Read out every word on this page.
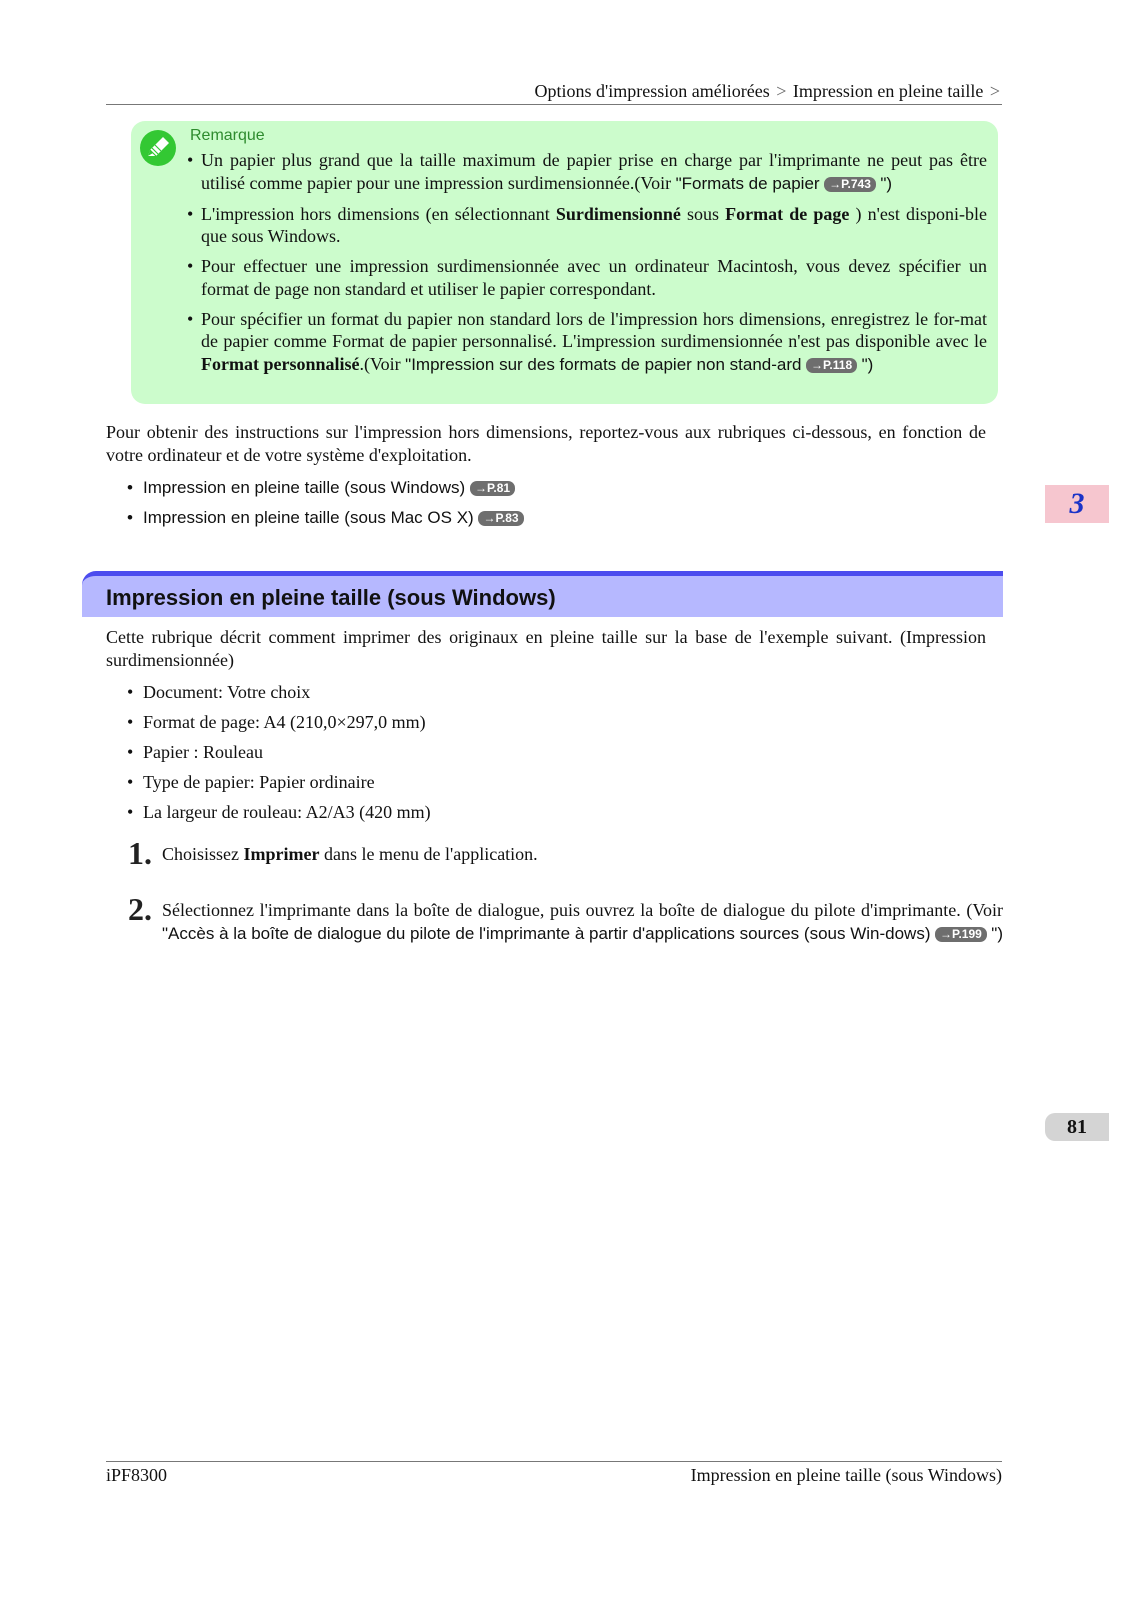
Options d'impression améliorées > Impression en pleine taille >
3
81
Remarque
• Un papier plus grand que la taille maximum de papier prise en charge par l'imprimante ne peut pas être utilisé comme papier pour une impression surdimensionnée.(Voir "Formats de papier →P.743 ")
• L'impression hors dimensions (en sélectionnant Surdimensionné sous Format de page ) n'est disponi-ble que sous Windows.
• Pour effectuer une impression surdimensionnée avec un ordinateur Macintosh, vous devez spécifier un format de page non standard et utiliser le papier correspondant.
• Pour spécifier un format du papier non standard lors de l'impression hors dimensions, enregistrez le for-mat de papier comme Format de papier personnalisé. L'impression surdimensionnée n'est pas disponible avec le Format personnalisé.(Voir "Impression sur des formats de papier non stand-ard →P.118 ")

Pour obtenir des instructions sur l'impression hors dimensions, reportez-vous aux rubriques ci-dessous, en fonction de votre ordinateur et de votre système d'exploitation.

• Impression en pleine taille (sous Windows) →P.81
• Impression en pleine taille (sous Mac OS X) →P.83
Impression en pleine taille (sous Windows)

Cette rubrique décrit comment imprimer des originaux en pleine taille sur la base de l'exemple suivant. (Impression surdimensionnée)

• Document: Votre choix
• Format de page: A4 (210,0×297,0 mm)
• Papier : Rouleau
• Type de papier: Papier ordinaire
• La largeur de rouleau: A2/A3 (420 mm)
1. Choisissez Imprimer dans le menu de l'application.
2. Sélectionnez l'imprimante dans la boîte de dialogue, puis ouvrez la boîte de dialogue du pilote d'imprimante. (Voir "Accès à la boîte de dialogue du pilote de l'imprimante à partir d'applications sources (sous Win-dows) →P.199 ")
iPF8300	Impression en pleine taille (sous Windows)
